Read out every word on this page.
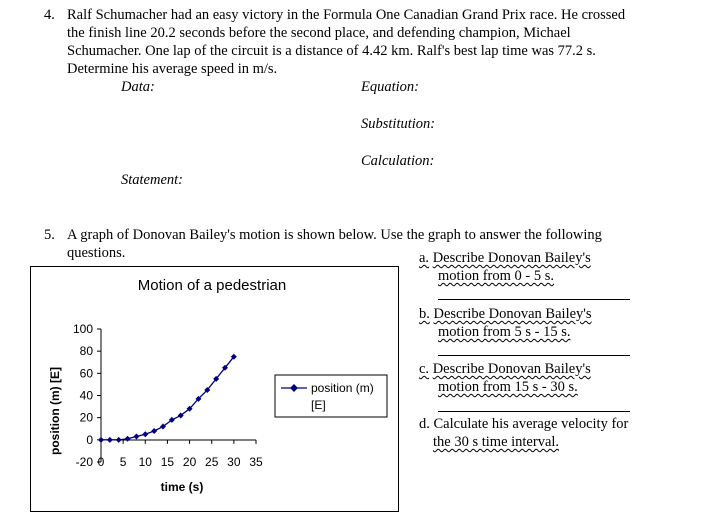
4. Ralf Schumacher had an easy victory in the Formula One Canadian Grand Prix race. He crossed
the finish line 20.2 seconds before the second place, and defending champion, Michael
Schumacher. One lap of the circuit is a distance of 4.42 km. Ralf's best lap time was 77.2 s.
Determine his average speed in m/s.
Data:	Equation:
Substitution:
Calculation:
Statement:
5. A graph of Donovan Bailey's motion is shown below. Use the graph to answer the following
questions.	a. Describe Donovan Bailey's
motion from 0 - 5 s.
b. Describe Donovan Bailey's
motion from 5 s - 15 s.
c. Describe Donovan Bailey's
motion from 15 s - 30 s.
d. Calculate his average velocity for
the 30 s time interval.
Motion of a pedestrian
time (s)
position (m) [E]
-20
0
20
40
60
80
100
0 5 10 15 20 25 30 35
position (m)
[E]
